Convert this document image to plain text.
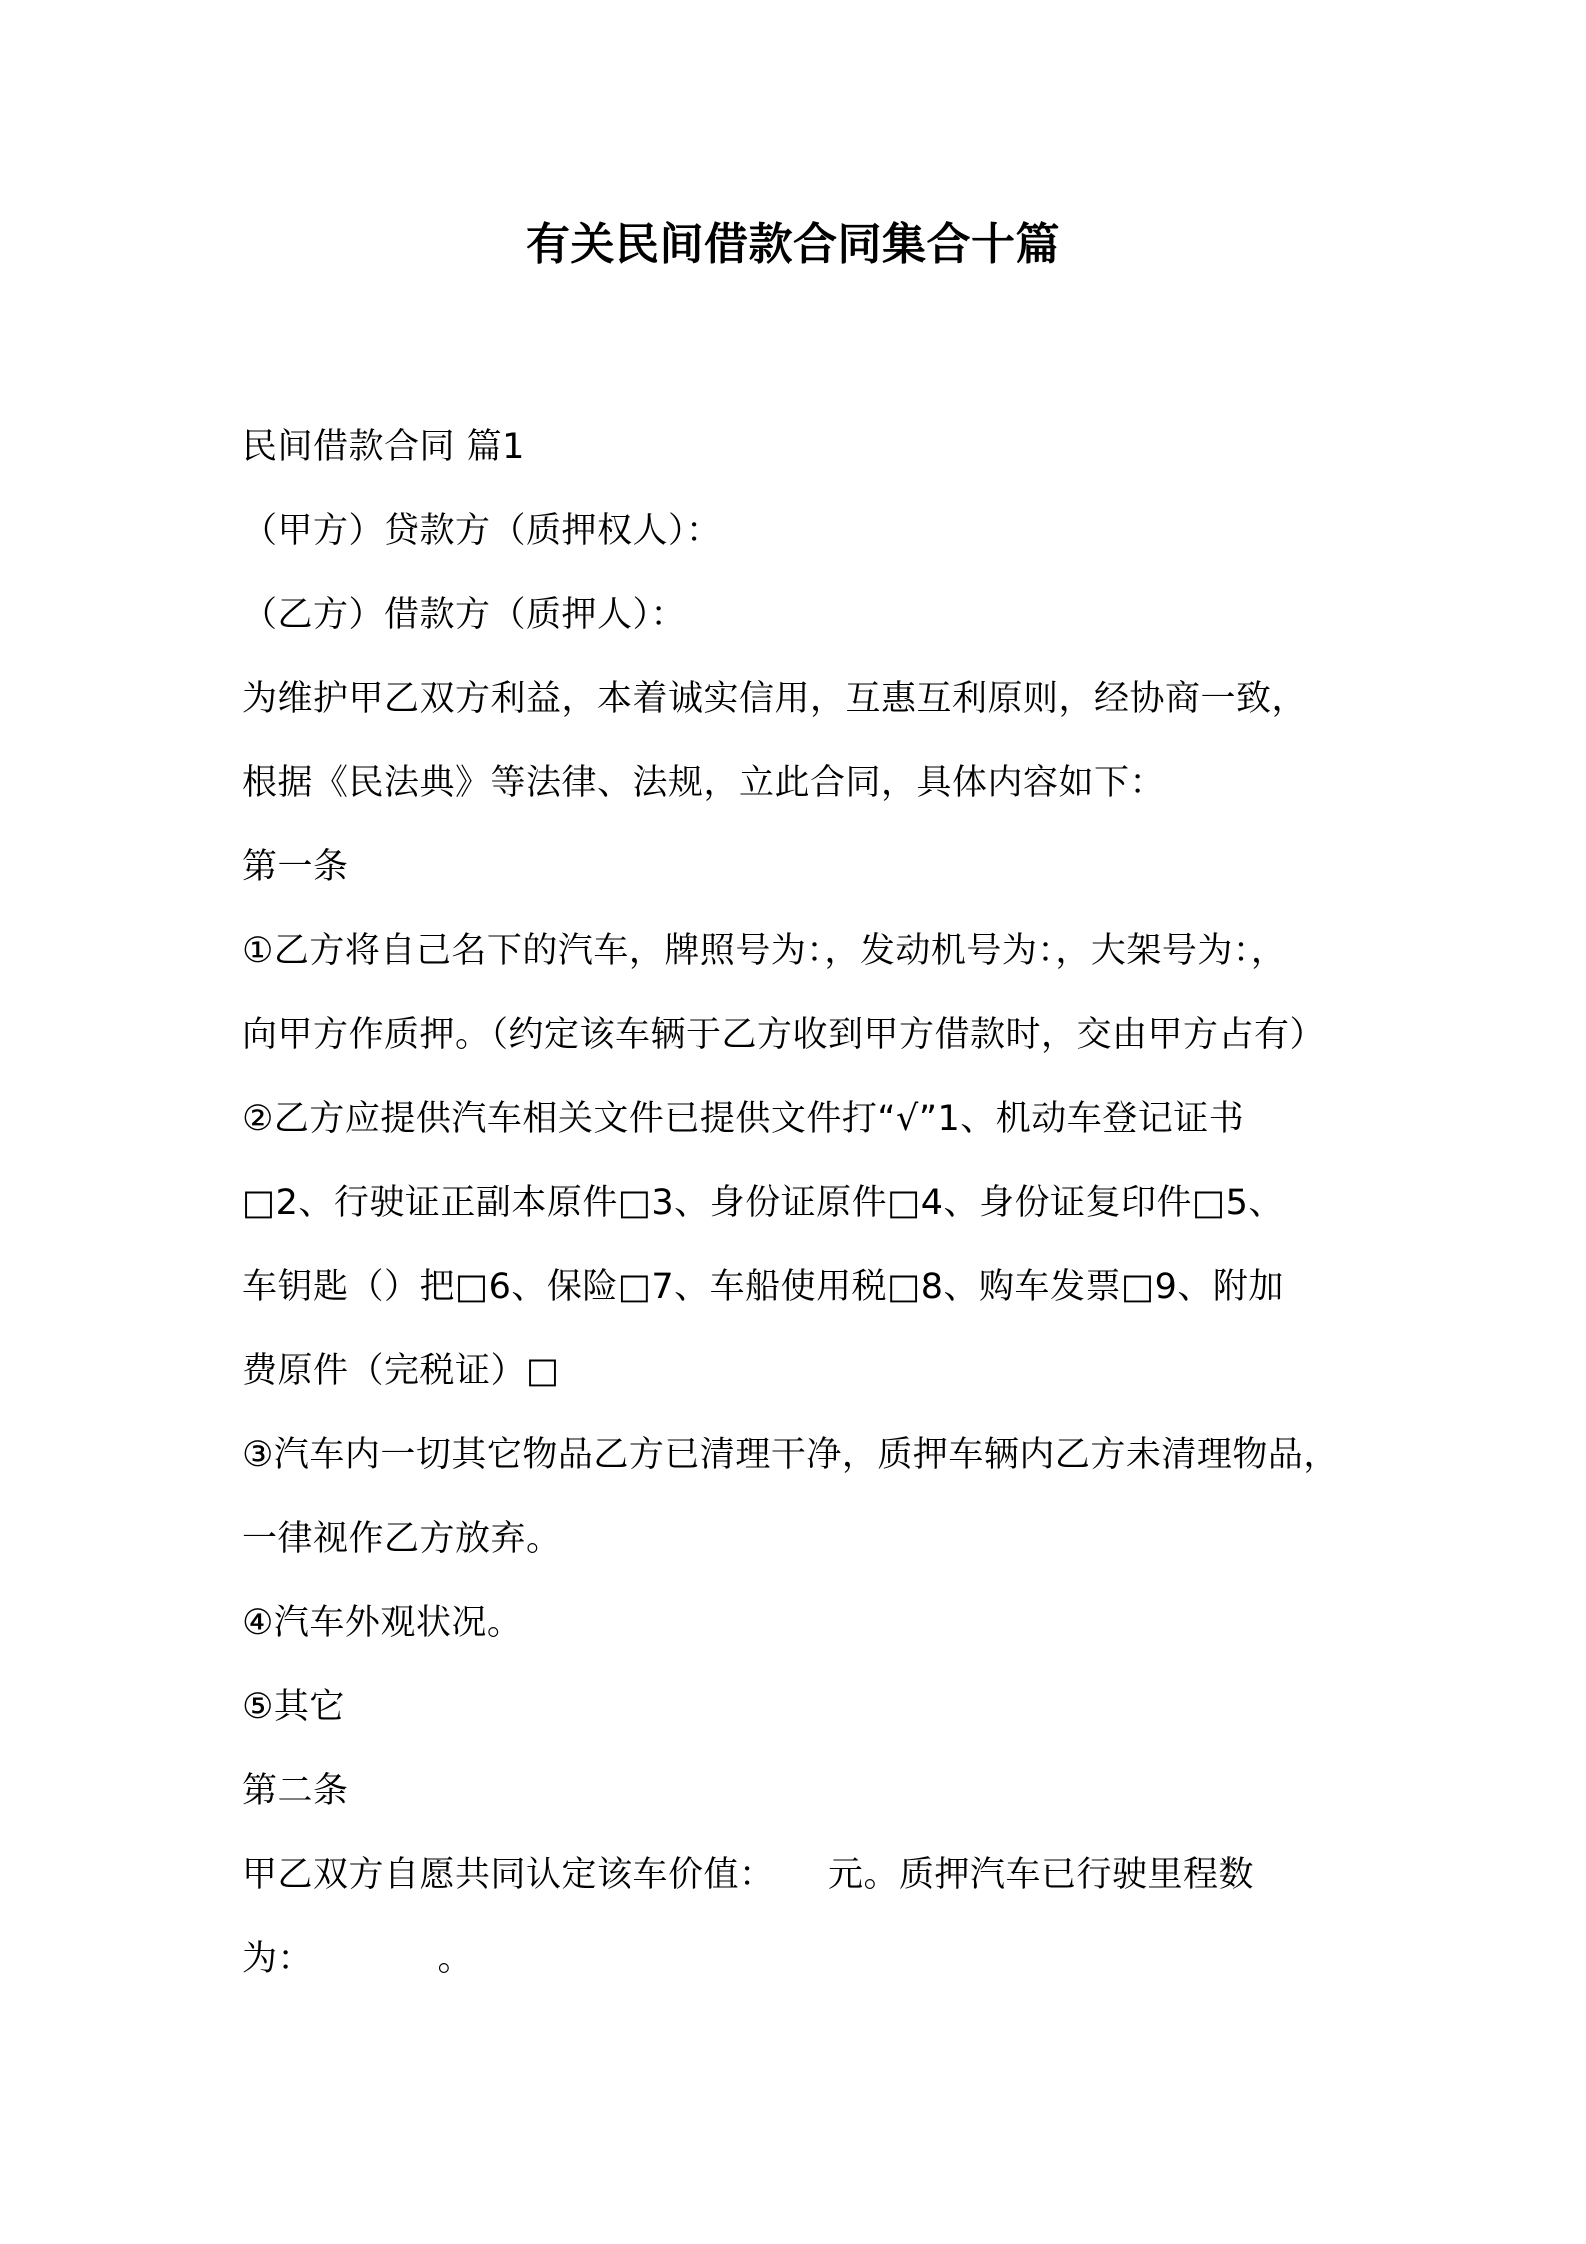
有关民间借款合同集合十篇
民间借款合同 篇1
（甲方）贷款方（质押权人）：
（乙方）借款方（质押人）：
为维护甲乙双方利益，本着诚实信用，互惠互利原则，经协商一致，
根据《民法典》等法律、法规，立此合同，具体内容如下：
第一条
①乙方将自己名下的汽车，牌照号为：，发动机号为：，大架号为：，
向甲方作质押。（约定该车辆于乙方收到甲方借款时，交由甲方占有）
②乙方应提供汽车相关文件已提供文件打“√”1、机动车登记证书
□2、行驶证正副本原件□3、身份证原件□4、身份证复印件□5、
车钥匙（）把□6、保险□7、车船使用税□8、购车发票□9、附加
费原件（完税证）□
③汽车内一切其它物品乙方已清理干净，质押车辆内乙方未清理物品，
一律视作乙方放弃。
④汽车外观状况。
⑤其它
第二条
甲乙双方自愿共同认定该车价值：　　元。质押汽车已行驶里程数
为：　　　　。
